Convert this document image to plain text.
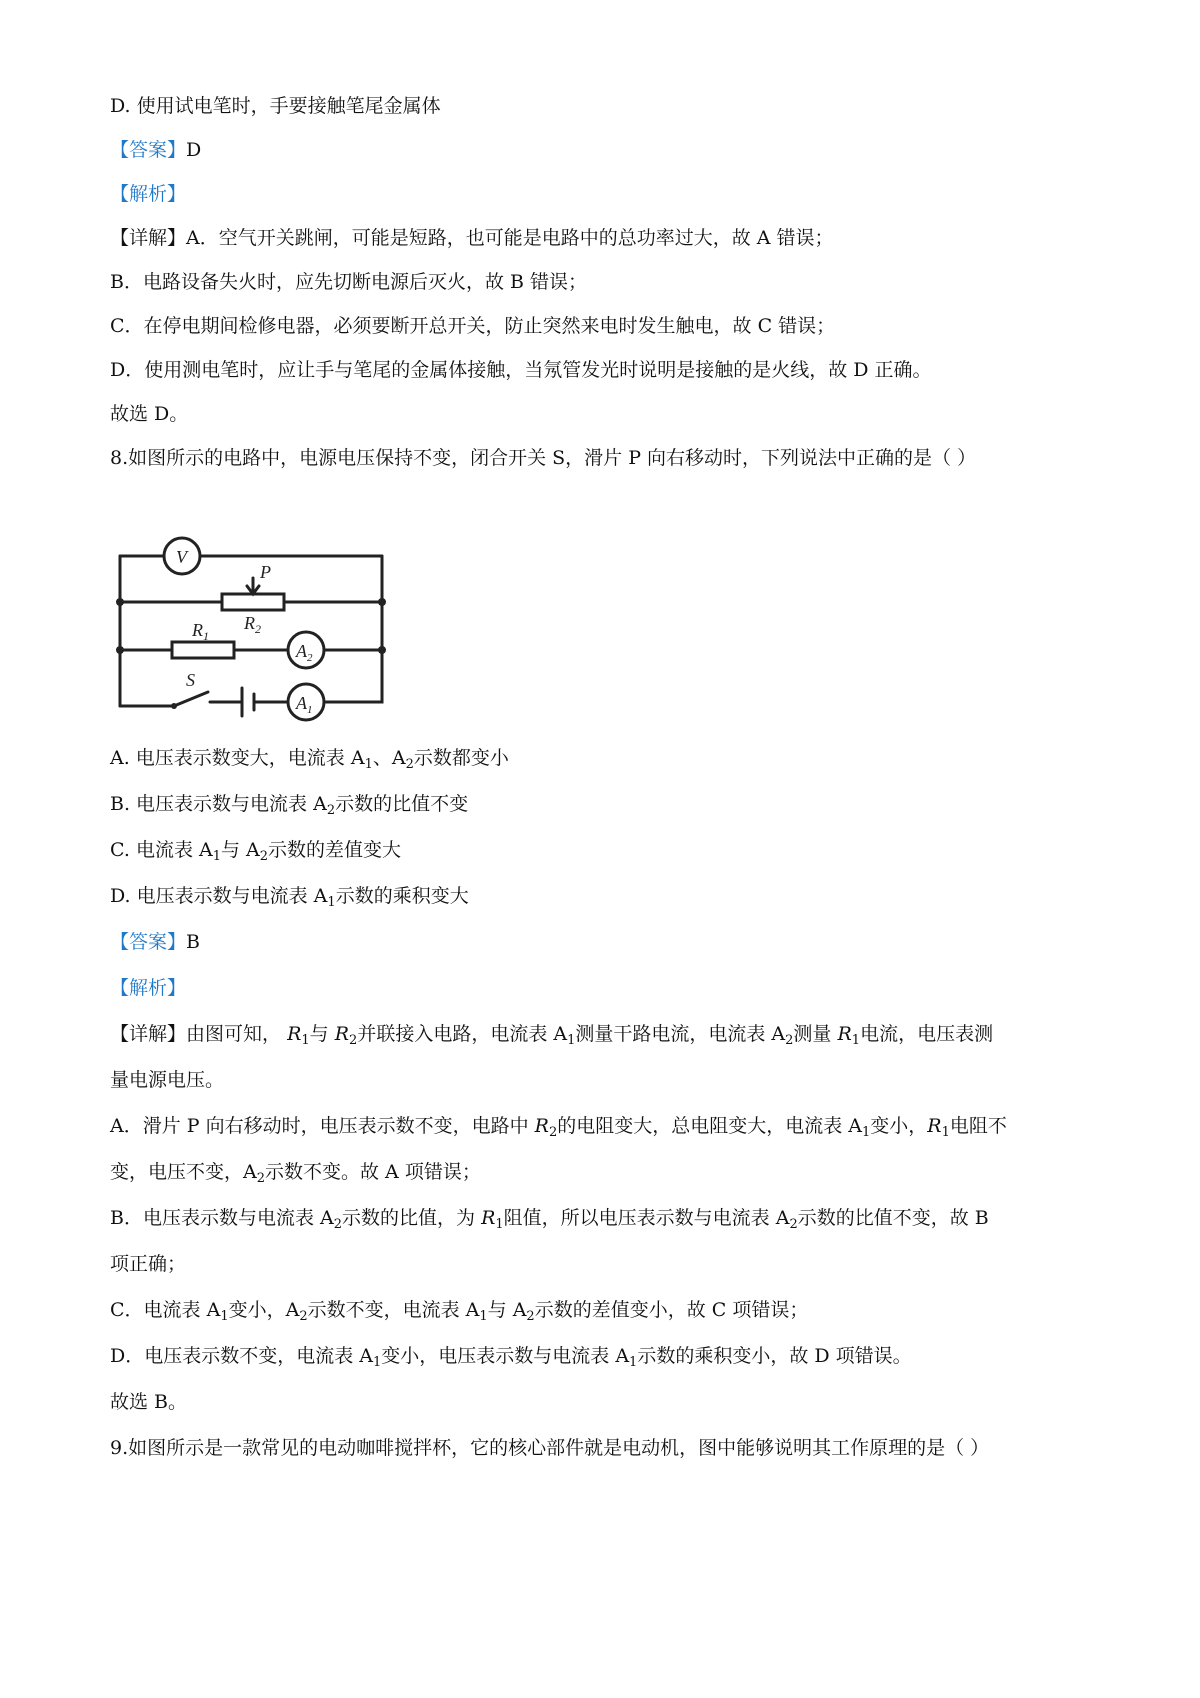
D. 使用试电笔时，手要接触笔尾金属体
【答案】D
【解析】
【详解】A．空气开关跳闸，可能是短路，也可能是电路中的总功率过大，故 A 错误；
B．电路设备失火时，应先切断电源后灭火，故 B 错误；
C．在停电期间检修电器，必须要断开总开关，防止突然来电时发生触电，故 C 错误；
D．使用测电笔时，应让手与笔尾的金属体接触，当氖管发光时说明是接触的是火线，故 D 正确。
故选 D。
8.如图所示的电路中，电源电压保持不变，闭合开关 S，滑片 P 向右移动时，下列说法中正确的是（ ）
V
P
$R_2$
$R_1$
$A_2$
S
$A_1$
A. 电压表示数变大，电流表 $A_1$、$A_2$示数都变小
B. 电压表示数与电流表 $A_2$示数的比值不变
C. 电流表 $A_1$与 $A_2$示数的差值变大
D. 电压表示数与电流表 $A_1$示数的乘积变大
【答案】B
【解析】
【详解】由图可知， $R_1$与 $R_2$并联接入电路，电流表 $A_1$测量干路电流，电流表 $A_2$测量 $R_1$电流，电压表测
量电源电压。
A．滑片 P 向右移动时，电压表示数不变，电路中 $R_2$的电阻变大，总电阻变大，电流表 $A_1$变小，$R_1$电阻不
变，电压不变，$A_2$示数不变。故 A 项错误；
B．电压表示数与电流表 $A_2$示数的比值，为 $R_1$阻值，所以电压表示数与电流表 $A_2$示数的比值不变，故 B
项正确；
C．电流表 $A_1$变小，$A_2$示数不变，电流表 $A_1$与 $A_2$示数的差值变小，故 C 项错误；
D．电压表示数不变，电流表 $A_1$变小，电压表示数与电流表 $A_1$示数的乘积变小，故 D 项错误。
故选 B。
9.如图所示是一款常见的电动咖啡搅拌杯，它的核心部件就是电动机，图中能够说明其工作原理的是（ ）
